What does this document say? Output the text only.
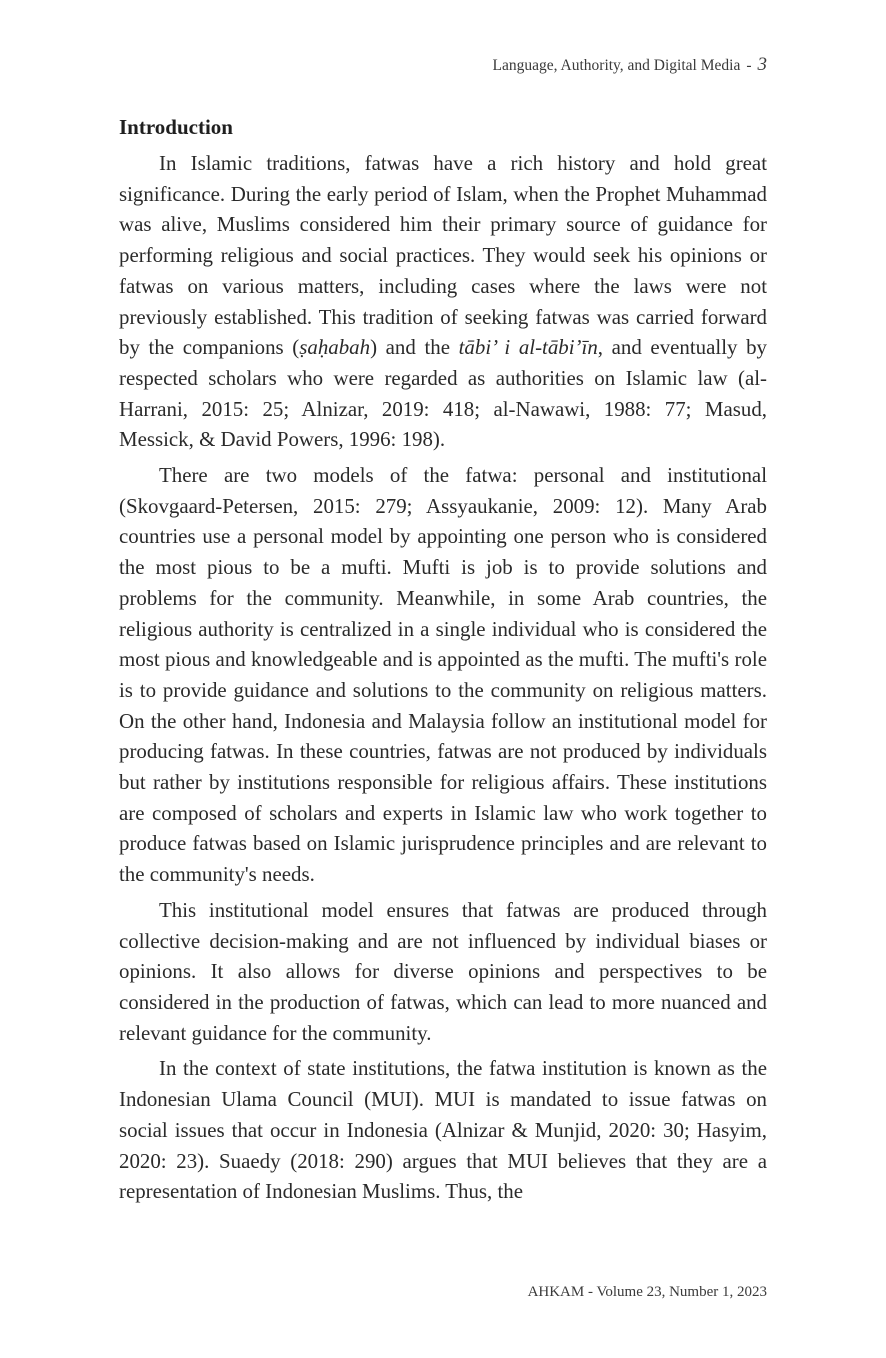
Language, Authority, and Digital Media - 3
Introduction

In Islamic traditions, fatwas have a rich history and hold great significance. During the early period of Islam, when the Prophet Muhammad was alive, Muslims considered him their primary source of guidance for performing religious and social practices. They would seek his opinions or fatwas on various matters, including cases where the laws were not previously established. This tradition of seeking fatwas was carried forward by the companions (ṣaḥabah) and the tābi’ i al-tābi’īn, and eventually by respected scholars who were regarded as authorities on Islamic law (al-Harrani, 2015: 25; Alnizar, 2019: 418; al-Nawawi, 1988: 77; Masud, Messick, & David Powers, 1996: 198).

There are two models of the fatwa: personal and institutional (Skovgaard-Petersen, 2015: 279; Assyaukanie, 2009: 12). Many Arab countries use a personal model by appointing one person who is considered the most pious to be a mufti. Mufti is job is to provide solutions and problems for the community. Meanwhile, in some Arab countries, the religious authority is centralized in a single individual who is considered the most pious and knowledgeable and is appointed as the mufti. The mufti's role is to provide guidance and solutions to the community on religious matters. On the other hand, Indonesia and Malaysia follow an institutional model for producing fatwas. In these countries, fatwas are not produced by individuals but rather by institutions responsible for religious affairs. These institutions are composed of scholars and experts in Islamic law who work together to produce fatwas based on Islamic jurisprudence principles and are relevant to the community's needs.

This institutional model ensures that fatwas are produced through collective decision-making and are not influenced by individual biases or opinions. It also allows for diverse opinions and perspectives to be considered in the production of fatwas, which can lead to more nuanced and relevant guidance for the community.

In the context of state institutions, the fatwa institution is known as the Indonesian Ulama Council (MUI). MUI is mandated to issue fatwas on social issues that occur in Indonesia (Alnizar & Munjid, 2020: 30; Hasyim, 2020: 23). Suaedy (2018: 290) argues that MUI believes that they are a representation of Indonesian Muslims. Thus, the

AHKAM - Volume 23, Number 1, 2023
